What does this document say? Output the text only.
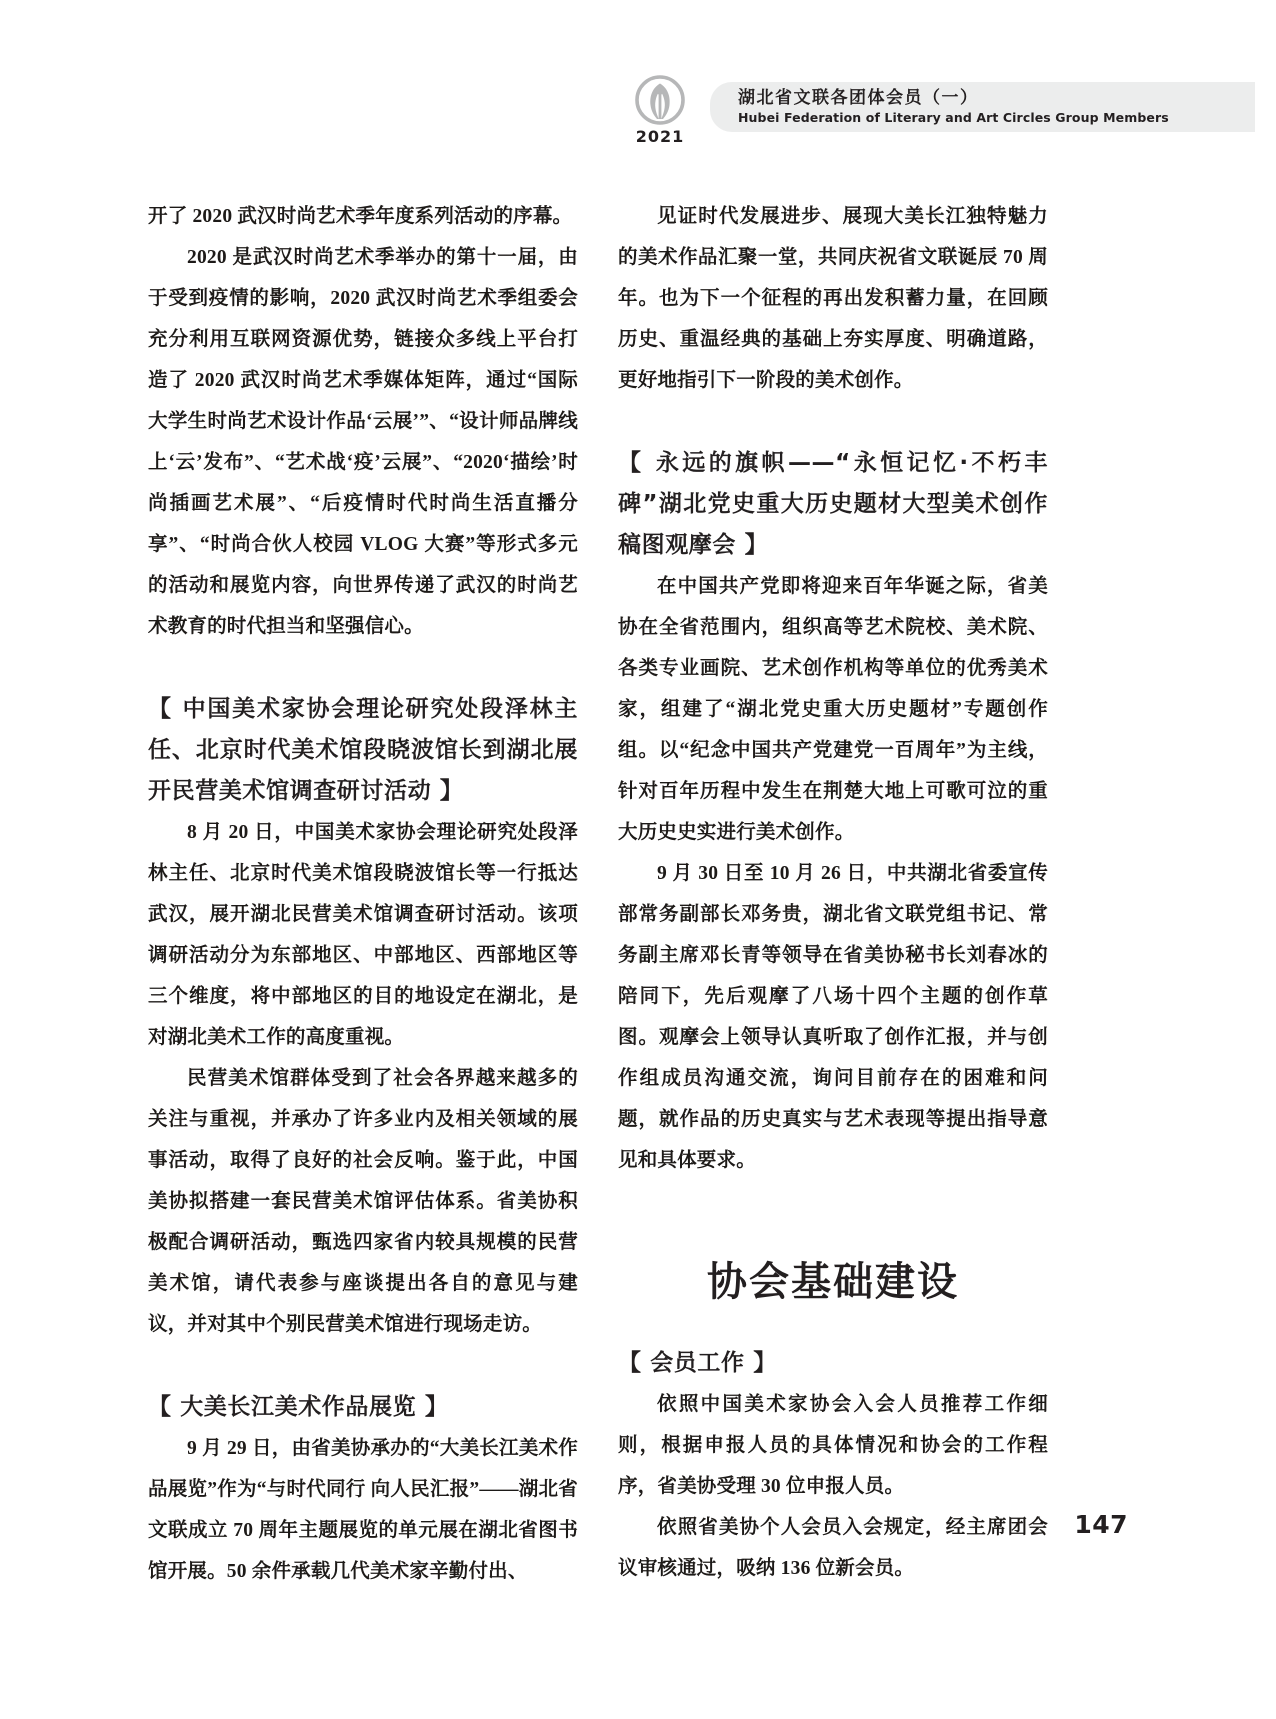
2021
湖北省文联各团体会员（一）
Hubei Federation of Literary and Art Circles Group Members

开了 2020 武汉时尚艺术季年度系列活动的序幕。

2020 是武汉时尚艺术季举办的第十一届，由于受到疫情的影响，2020 武汉时尚艺术季组委会充分利用互联网资源优势，链接众多线上平台打造了 2020 武汉时尚艺术季媒体矩阵，通过“国际大学生时尚艺术设计作品‘云展’”、“设计师品牌线上‘云’发布”、“艺术战‘疫’云展”、“2020‘描绘’时尚插画艺术展”、“后疫情时代时尚生活直播分享”、“时尚合伙人校园 VLOG 大赛”等形式多元的活动和展览内容，向世界传递了武汉的时尚艺术教育的时代担当和坚强信心。

【 中国美术家协会理论研究处段泽林主任、北京时代美术馆段晓波馆长到湖北展开民营美术馆调查研讨活动 】

8 月 20 日，中国美术家协会理论研究处段泽林主任、北京时代美术馆段晓波馆长等一行抵达武汉，展开湖北民营美术馆调查研讨活动。该项调研活动分为东部地区、中部地区、西部地区等三个维度，将中部地区的目的地设定在湖北，是对湖北美术工作的高度重视。

民营美术馆群体受到了社会各界越来越多的关注与重视，并承办了许多业内及相关领域的展事活动，取得了良好的社会反响。鉴于此，中国美协拟搭建一套民营美术馆评估体系。省美协积极配合调研活动，甄选四家省内较具规模的民营美术馆，请代表参与座谈提出各自的意见与建议，并对其中个别民营美术馆进行现场走访。

【 大美长江美术作品展览 】

9 月 29 日，由省美协承办的“大美长江美术作品展览”作为“与时代同行 向人民汇报”——湖北省文联成立 70 周年主题展览的单元展在湖北省图书馆开展。50 余件承载几代美术家辛勤付出、

见证时代发展进步、展现大美长江独特魅力的美术作品汇聚一堂，共同庆祝省文联诞辰 70 周年。也为下一个征程的再出发积蓄力量，在回顾历史、重温经典的基础上夯实厚度、明确道路，更好地指引下一阶段的美术创作。

【 永远的旗帜——“永恒记忆·不朽丰碑”湖北党史重大历史题材大型美术创作稿图观摩会 】

在中国共产党即将迎来百年华诞之际，省美协在全省范围内，组织高等艺术院校、美术院、各类专业画院、艺术创作机构等单位的优秀美术家，组建了“湖北党史重大历史题材”专题创作组。以“纪念中国共产党建党一百周年”为主线，针对百年历程中发生在荆楚大地上可歌可泣的重大历史史实进行美术创作。

9 月 30 日至 10 月 26 日，中共湖北省委宣传部常务副部长邓务贵，湖北省文联党组书记、常务副主席邓长青等领导在省美协秘书长刘春冰的陪同下，先后观摩了八场十四个主题的创作草图。观摩会上领导认真听取了创作汇报，并与创作组成员沟通交流，询问目前存在的困难和问题，就作品的历史真实与艺术表现等提出指导意见和具体要求。

协会基础建设
【 会员工作 】

依照中国美术家协会入会人员推荐工作细则，根据申报人员的具体情况和协会的工作程序，省美协受理 30 位申报人员。

依照省美协个人会员入会规定，经主席团会议审核通过，吸纳 136 位新会员。

147
